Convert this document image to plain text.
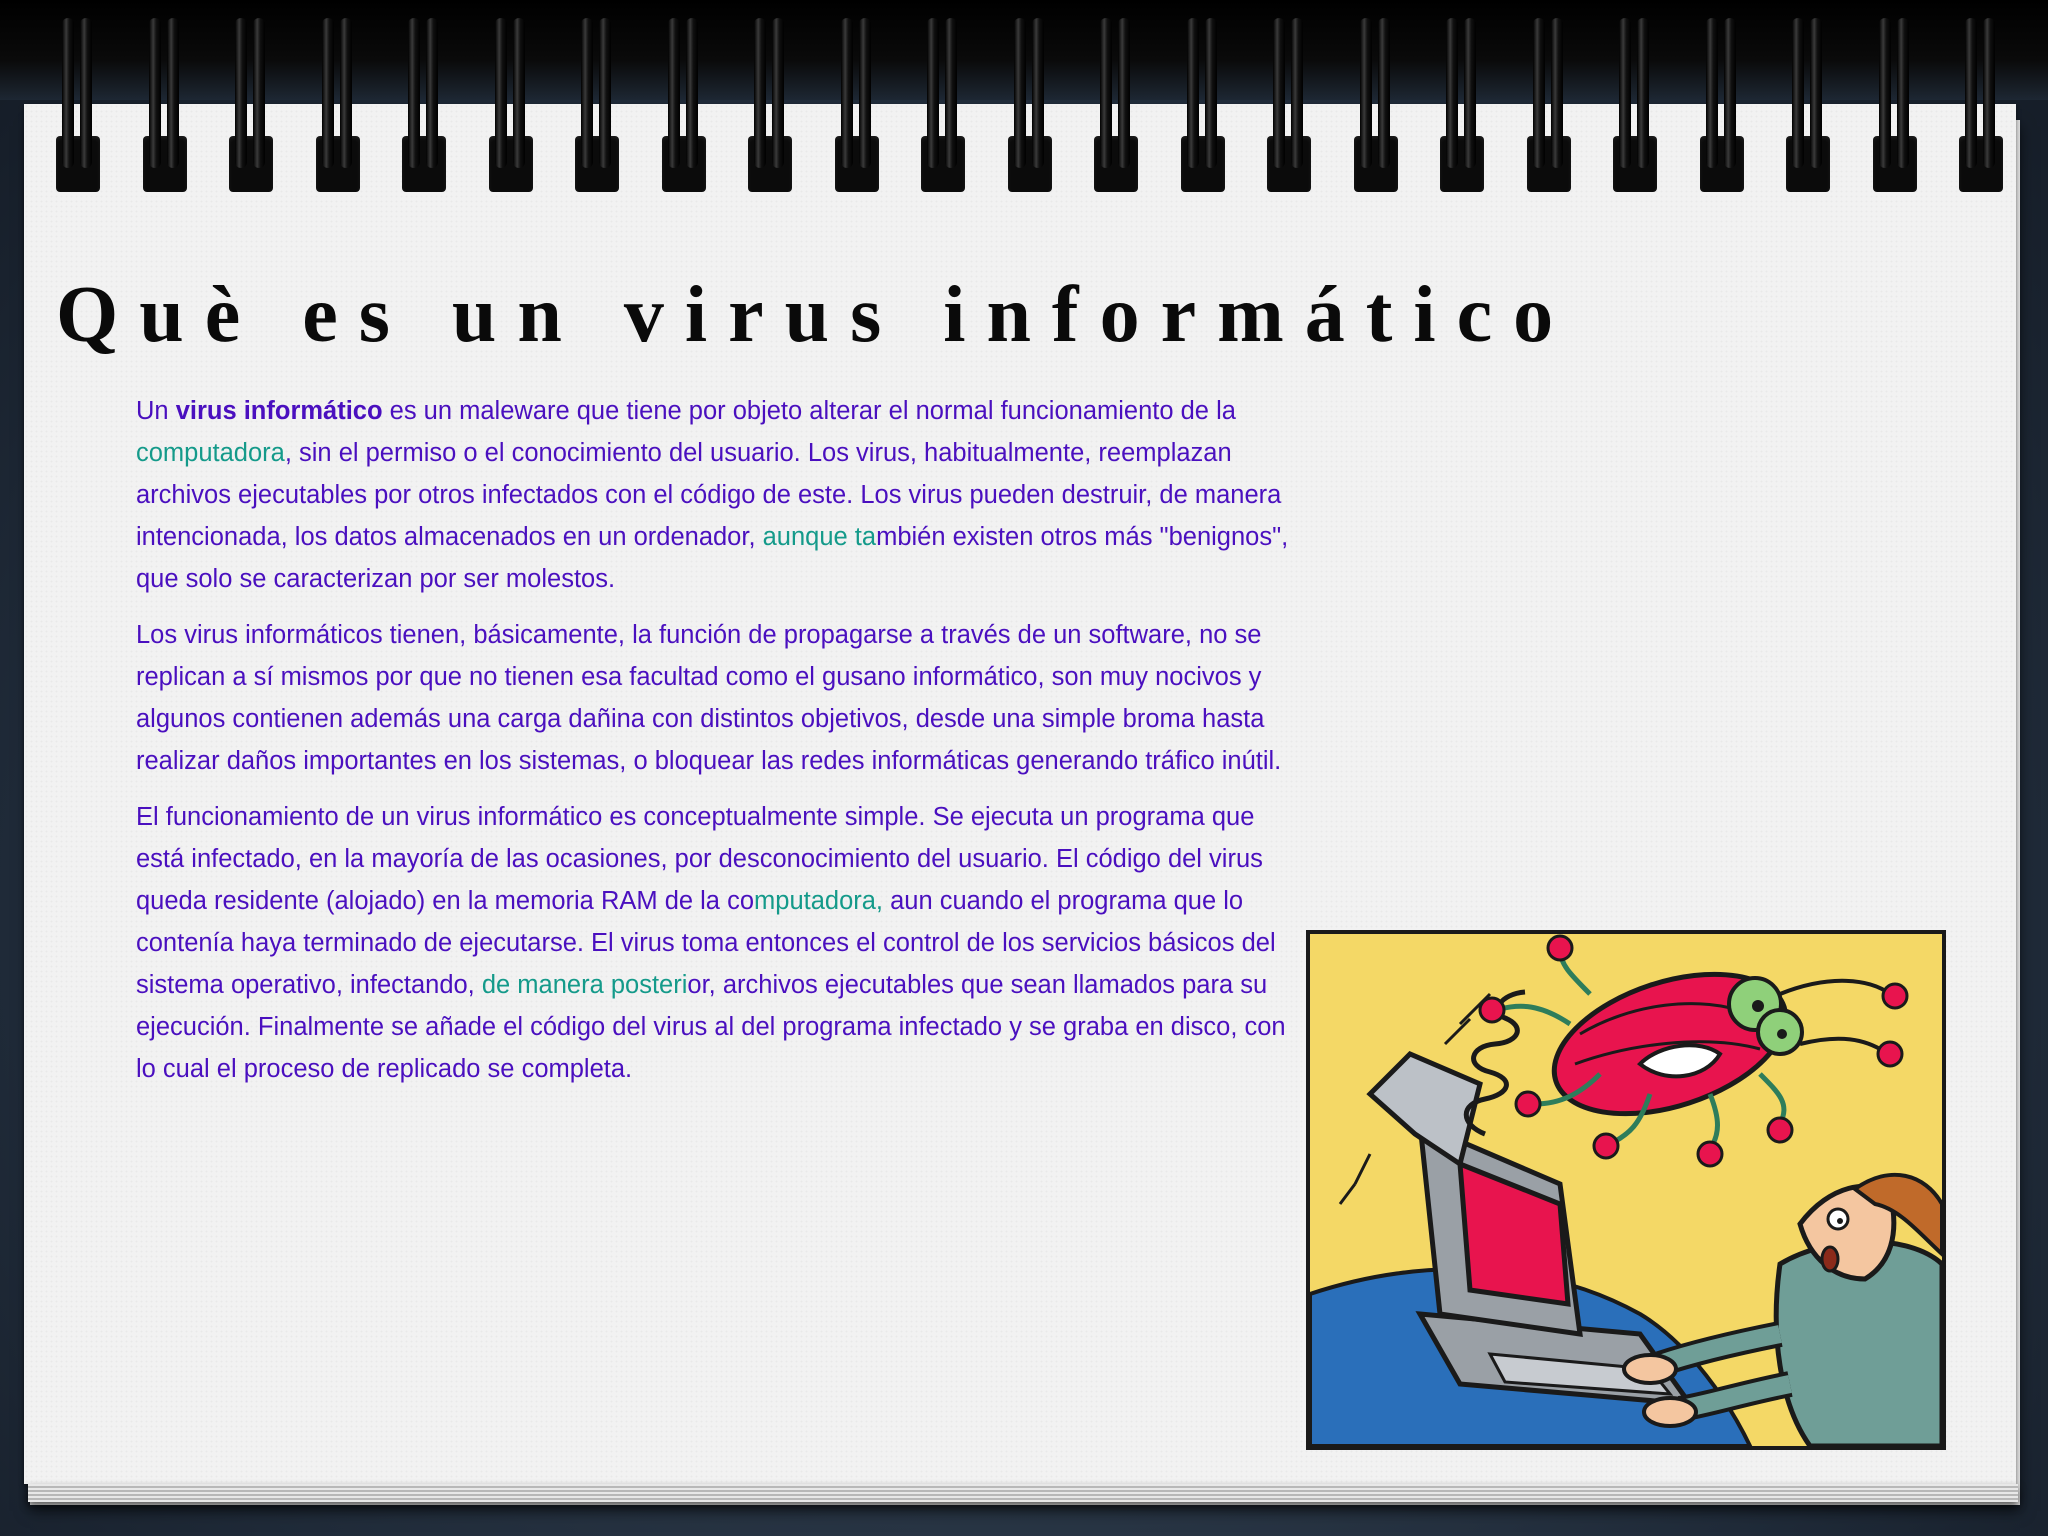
Què es un virus informático

Un virus informático es un maleware que tiene por objeto alterar el normal funcionamiento de la computadora, sin el permiso o el conocimiento del usuario. Los virus, habitualmente, reemplazan archivos ejecutables por otros infectados con el código de este. Los virus pueden destruir, de manera intencionada, los datos almacenados en un ordenador, aunque también existen otros más "benignos", que solo se caracterizan por ser molestos.

Los virus informáticos tienen, básicamente, la función de propagarse a través de un software, no se replican a sí mismos por que no tienen esa facultad como el gusano informático, son muy nocivos y algunos contienen además una carga dañina con distintos objetivos, desde una simple broma hasta realizar daños importantes en los sistemas, o bloquear las redes informáticas generando tráfico inútil.

El funcionamiento de un virus informático es conceptualmente simple. Se ejecuta un programa que está infectado, en la mayoría de las ocasiones, por desconocimiento del usuario. El código del virus queda residente (alojado) en la memoria RAM de la computadora, aun cuando el programa que lo contenía haya terminado de ejecutarse. El virus toma entonces el control de los servicios básicos del sistema operativo, infectando, de manera posterior, archivos ejecutables que sean llamados para su ejecución. Finalmente se añade el código del virus al del programa infectado y se graba en disco, con lo cual el proceso de replicado se completa.
